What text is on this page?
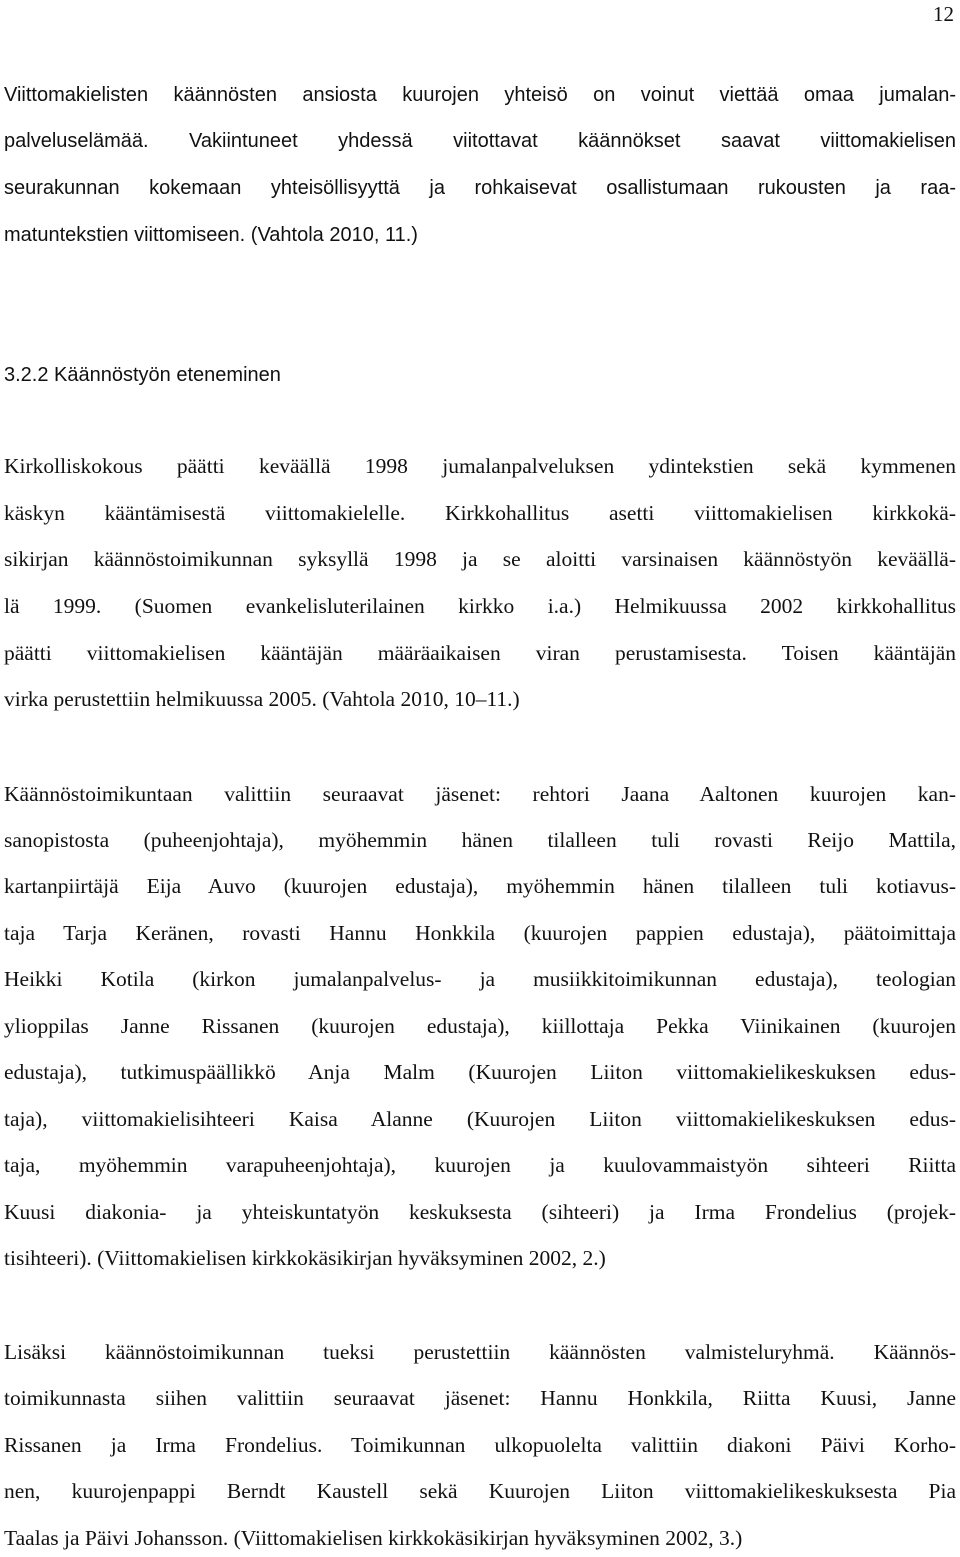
12
Viittomakielisten käännösten ansiosta kuurojen yhteisö on voinut viettää omaa jumalan-
palveluselämää. Vakiintuneet yhdessä viitottavat käännökset saavat viittomakielisen
seurakunnan kokemaan yhteisöllisyyttä ja rohkaisevat osallistumaan rukousten ja raa-
matuntekstien viittomiseen. (Vahtola 2010, 11.)
3.2.2 Käännöstyön eteneminen
Kirkolliskokous päätti keväällä 1998 jumalanpalveluksen ydintekstien sekä kymmenen
käskyn kääntämisestä viittomakielelle. Kirkkohallitus asetti viittomakielisen kirkkokä-
sikirjan käännöstoimikunnan syksyllä 1998 ja se aloitti varsinaisen käännöstyön keväällä-
lä 1999. (Suomen evankelisluterilainen kirkko i.a.) Helmikuussa 2002 kirkkohallitus
päätti viittomakielisen kääntäjän määräaikaisen viran perustamisesta. Toisen kääntäjän
virka perustettiin helmikuussa 2005. (Vahtola 2010, 10–11.)
Käännöstoimikuntaan valittiin seuraavat jäsenet: rehtori Jaana Aaltonen kuurojen kan-
sanopistosta (puheenjohtaja), myöhemmin hänen tilalleen tuli rovasti Reijo Mattila,
kartanpiirtäjä Eija Auvo (kuurojen edustaja), myöhemmin hänen tilalleen tuli kotiavus-
taja Tarja Keränen, rovasti Hannu Honkkila (kuurojen pappien edustaja), päätoimittaja
Heikki Kotila (kirkon jumalanpalvelus- ja musiikkitoimikunnan edustaja), teologian
ylioppilas Janne Rissanen (kuurojen edustaja), kiillottaja Pekka Viinikainen (kuurojen
edustaja), tutkimuspäällikkö Anja Malm (Kuurojen Liiton viittomakielikeskuksen edus-
taja), viittomakielisihteeri Kaisa Alanne (Kuurojen Liiton viittomakielikeskuksen edus-
taja, myöhemmin varapuheenjohtaja), kuurojen ja kuulovammaistyön sihteeri Riitta
Kuusi diakonia- ja yhteiskuntatyön keskuksesta (sihteeri) ja Irma Frondelius (projek-
tisihteeri). (Viittomakielisen kirkkokäsikirjan hyväksyminen 2002, 2.)
Lisäksi käännöstoimikunnan tueksi perustettiin käännösten valmisteluryhmä. Käännös-
toimikunnasta siihen valittiin seuraavat jäsenet: Hannu Honkkila, Riitta Kuusi, Janne
Rissanen ja Irma Frondelius. Toimikunnan ulkopuolelta valittiin diakoni Päivi Korho-
nen, kuurojenpappi Berndt Kaustell sekä Kuurojen Liiton viittomakielikeskuksesta Pia
Taalas ja Päivi Johansson. (Viittomakielisen kirkkokäsikirjan hyväksyminen 2002, 3.)
